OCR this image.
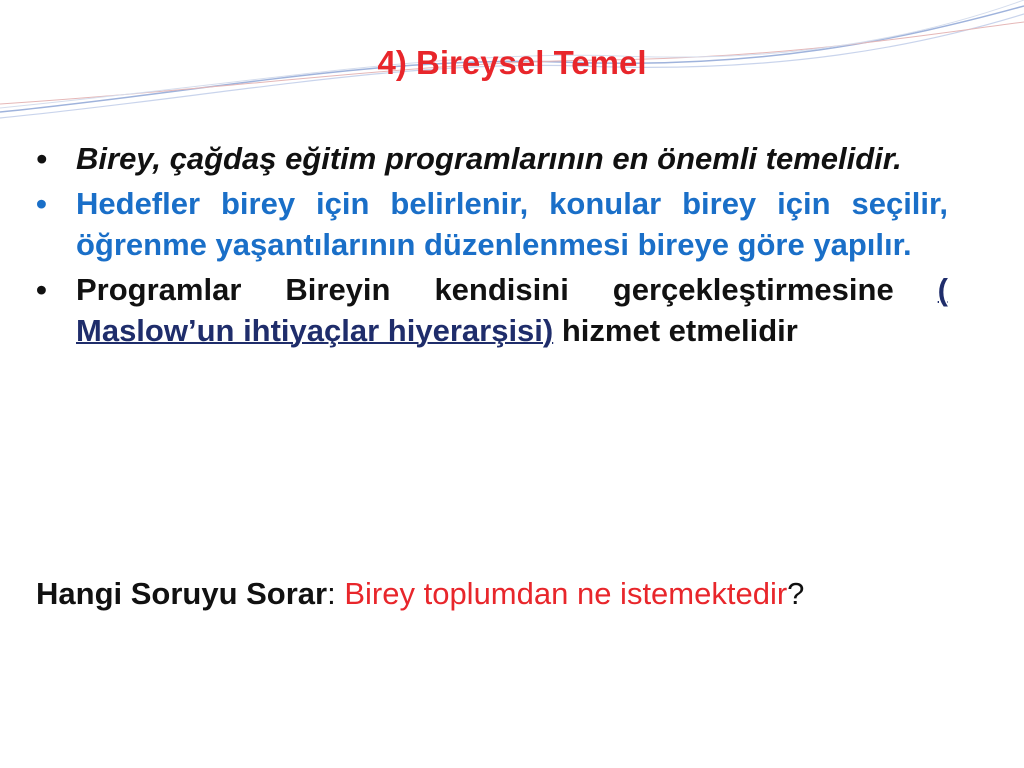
4) Bireysel Temel
• Birey, çağdaş eğitim programlarının en önemli temelidir.
• Hedefler birey için belirlenir, konular birey için seçilir, öğrenme yaşantılarının düzenlenmesi bireye göre yapılır.
• Programlar Bireyin kendisini gerçekleştirmesine ( Maslow’un ihtiyaçlar hiyerarşisi) hizmet etmelidir
Hangi Soruyu Sorar: Birey toplumdan ne istemektedir?
